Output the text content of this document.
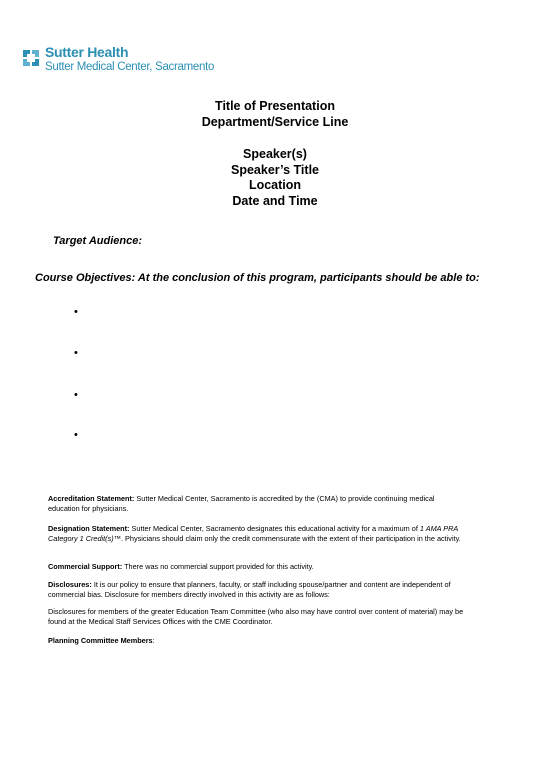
Sutter Health
Sutter Medical Center, Sacramento
Title of Presentation
Department/Service Line
Speaker(s)
Speaker’s Title
Location
Date and Time
Target Audience:
Course Objectives: At the conclusion of this program, participants should be able to:
•
•
•
•
Accreditation Statement: Sutter Medical Center, Sacramento is accredited by the (CMA) to provide continuing medical education for physicians.
Designation Statement: Sutter Medical Center, Sacramento designates this educational activity for a maximum of 1 AMA PRA Category 1 Credit(s)™. Physicians should claim only the credit commensurate with the extent of their participation in the activity.
Commercial Support: There was no commercial support provided for this activity.
Disclosures: It is our policy to ensure that planners, faculty, or staff including spouse/partner and content are independent of commercial bias. Disclosure for members directly involved in this activity are as follows:
Disclosures for members of the greater Education Team Committee (who also may have control over content of material) may be found at the Medical Staff Services Offices with the CME Coordinator.
Planning Committee Members:
